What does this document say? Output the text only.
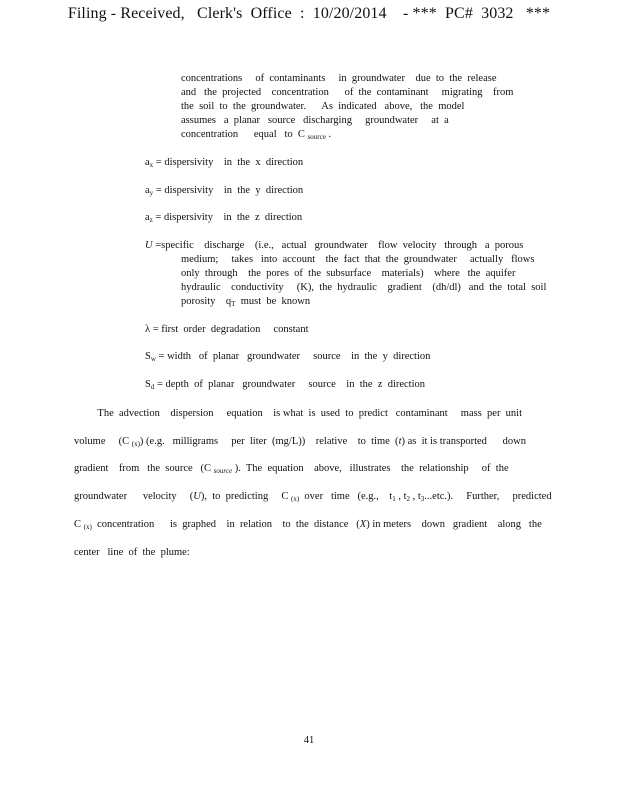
Filing - Received,   Clerk's  Office  :  10/20/2014    - ***  PC#  3032   ***
concentrations     of  contaminants     in  groundwater    due  to  the  release
and   the  projected    concentration      of  the  contaminant     migrating    from
the  soil  to  the  groundwater.      As  indicated   above,   the  model
assumes   a  planar   source   discharging     groundwater     at  a
concentration      equal   to  C $_{source}$ .
$a_x$ = dispersivity    in  the  x  direction
$a_y$ = dispersivity    in  the  y  direction
$a_z$ = dispersivity    in  the  z  direction
U =specific    discharge    (i.e.,   actual   groundwater    flow  velocity   through   a  porous
medium;     takes   into  account    the  fact  that  the  groundwater     actually   flows
only  through    the  pores  of  the  subsurface    materials)    where   the  aquifer
hydraulic    conductivity     (K),  the  hydraulic    gradient    (dh/dl)   and  the  total  soil
porosity    $q_T$  must  be  known
λ = first  order  degradation     constant
$S_w$ = width   of  planar   groundwater     source    in  the  y  direction
$S_d$ = depth  of  planar   groundwater     source    in  the  z  direction
The  advection    dispersion     equation    is what  is  used  to  predict   contaminant     mass  per  unit
volume     (C $_{(x)}$) (e.g.   milligrams     per  liter  (mg/L))    relative    to  time  (t) as  it is transported      down
gradient    from   the  source   (C $_{source}$ ).  The  equation    above,   illustrates    the  relationship     of  the
groundwater      velocity     (U),  to  predicting     C $_{(x)}$  over   time   (e.g.,    $t_1$ , $t_2$ , $t_3...etc$.).     Further,     predicted
C $_{(x)}$  concentration      is  graphed    in  relation    to  the  distance   (X) in meters    down   gradient    along   the
center   line  of  the  plume:
41
